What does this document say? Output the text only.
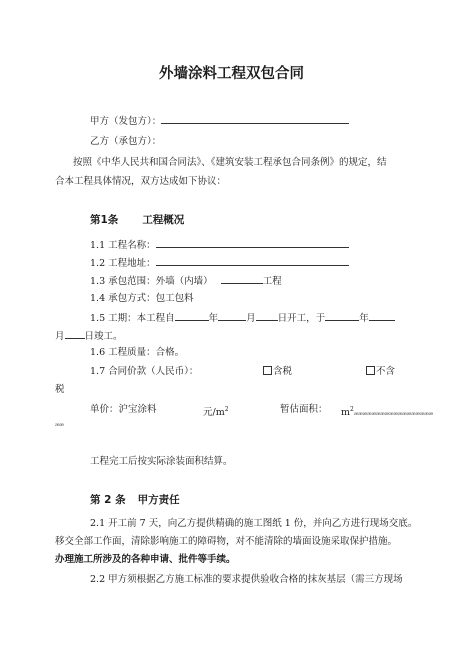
外墙涂料工程双包合同
甲方（发包方）：
乙方（承包方）：
按照《中华人民共和国合同法》、《建筑安装工程承包合同条例》的规定，结
合本工程具体情况，双方达成如下协议：
第1条 工程概况
1.1 工程名称：
1.2 工程地址：
1.3 承包范围：外墙（内墙）	工程
1.4 承包方式：包工包料
1.5 工期：本工程自	年	月 日开工，于	年
月 日竣工。
1.6 工程质量：合格。
1.7 合同价款（人民币）：	含税	不含
税
单价：沪宝涂料	元$/m^2$	暂估面积： $m^2ææææææææææææææææææ$
ææ
工程完工后按实际涂装面积结算。
第 2 条 甲方责任
2.1 开工前 7 天，向乙方提供精确的施工图纸 1 份，并向乙方进行现场交底。
移交全部工作面，清除影响施工的障碍物，对不能清除的墙面设施采取保护措施。
办理施工所涉及的各种申请、批件等手续。
2.2 甲方须根据乙方施工标准的要求提供验收合格的抹灰基层（需三方现场
